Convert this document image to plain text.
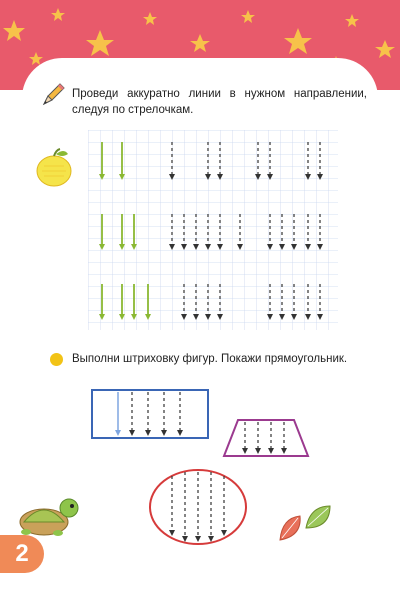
Проведи аккуратно линии в нужном направлении, следуя по стрелочкам.
Выполни штриховку фигур. Покажи прямоугольник.
2
